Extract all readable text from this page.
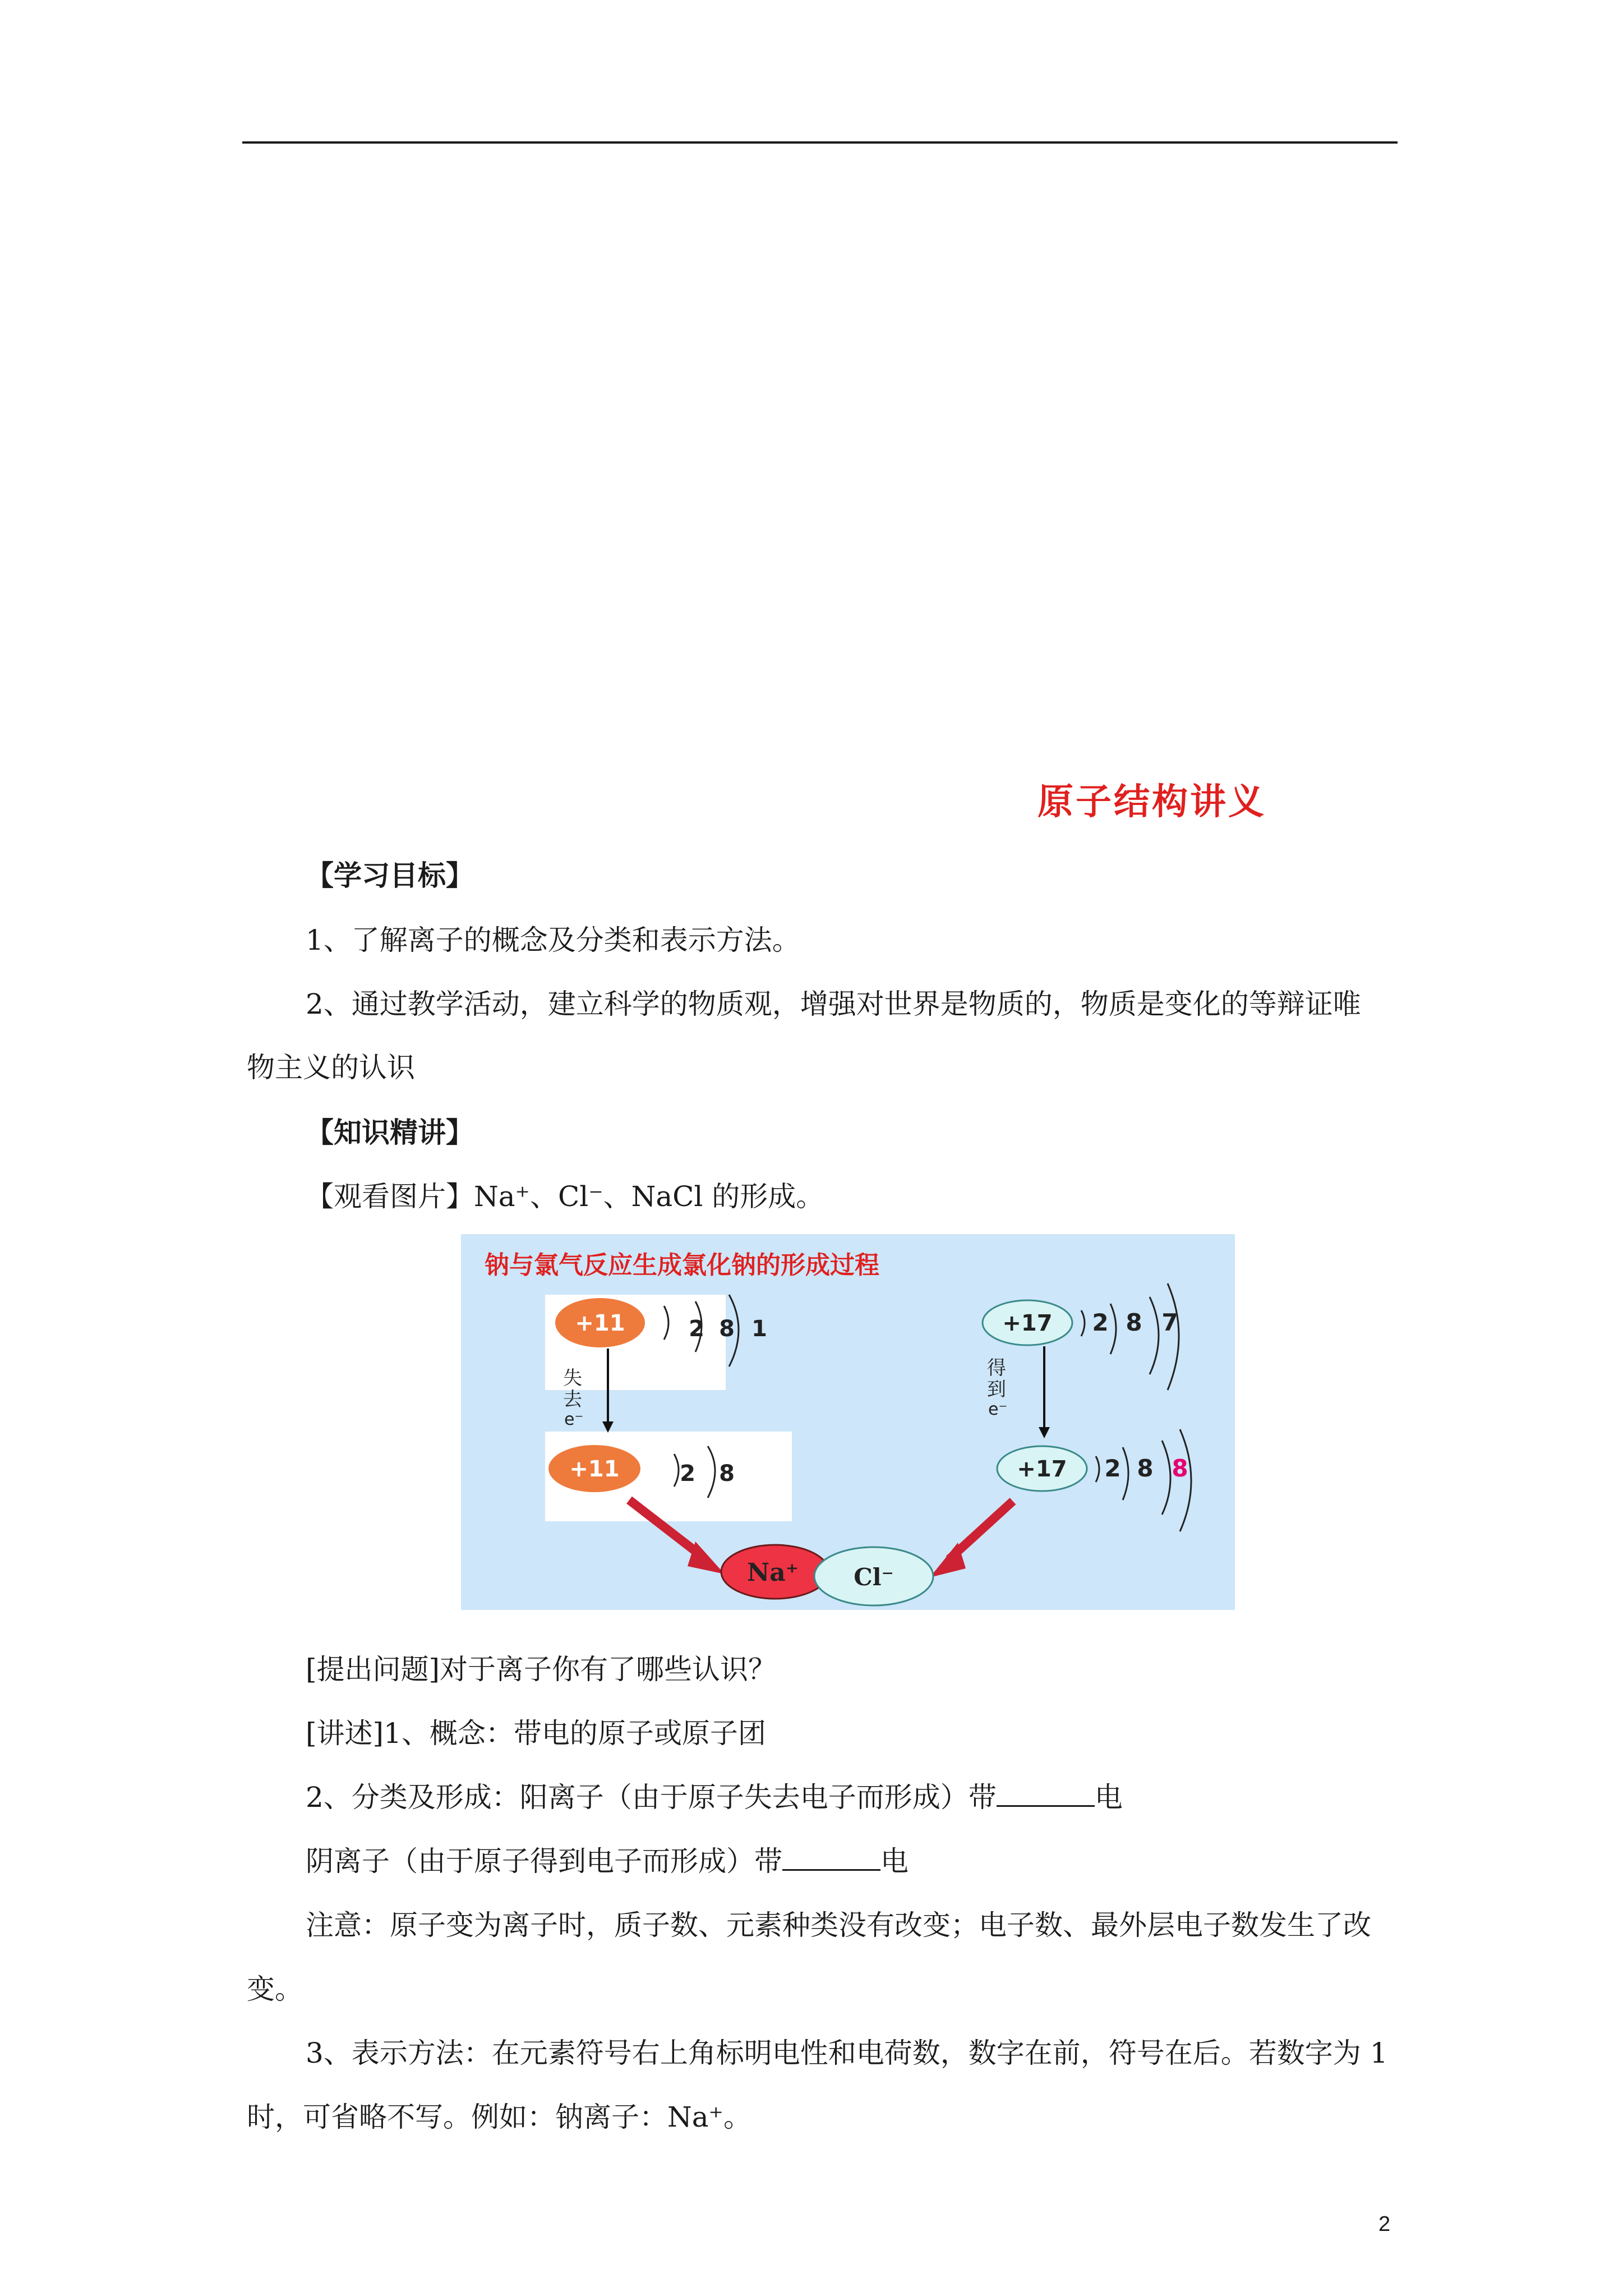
原子结构讲义
【学习目标】
1、了解离子的概念及分类和表示方法。
2、通过教学活动，建立科学的物质观，增强对世界是物质的，物质是变化的等辩证唯
物主义的认识
【知识精讲】
【观看图片】Na⁺、Cl⁻、NaCl 的形成。
钠与氯气反应生成氯化钠的形成过程
+11	2 8 1
失
去
e⁻
+11	2 8
+17 2 8 7
得
到
e⁻
+17 2 8 8
Na⁺ Cl⁻
[提出问题]对于离子你有了哪些认识？
[讲述]1、概念：带电的原子或原子团
2、分类及形成：阳离子（由于原子失去电子而形成）带	电
阴离子（由于原子得到电子而形成）带	电
注意：原子变为离子时，质子数、元素种类没有改变；电子数、最外层电子数发生了改
变。
3、表示方法：在元素符号右上角标明电性和电荷数，数字在前，符号在后。若数字为 1
时，可省略不写。例如：钠离子：Na⁺。
2
